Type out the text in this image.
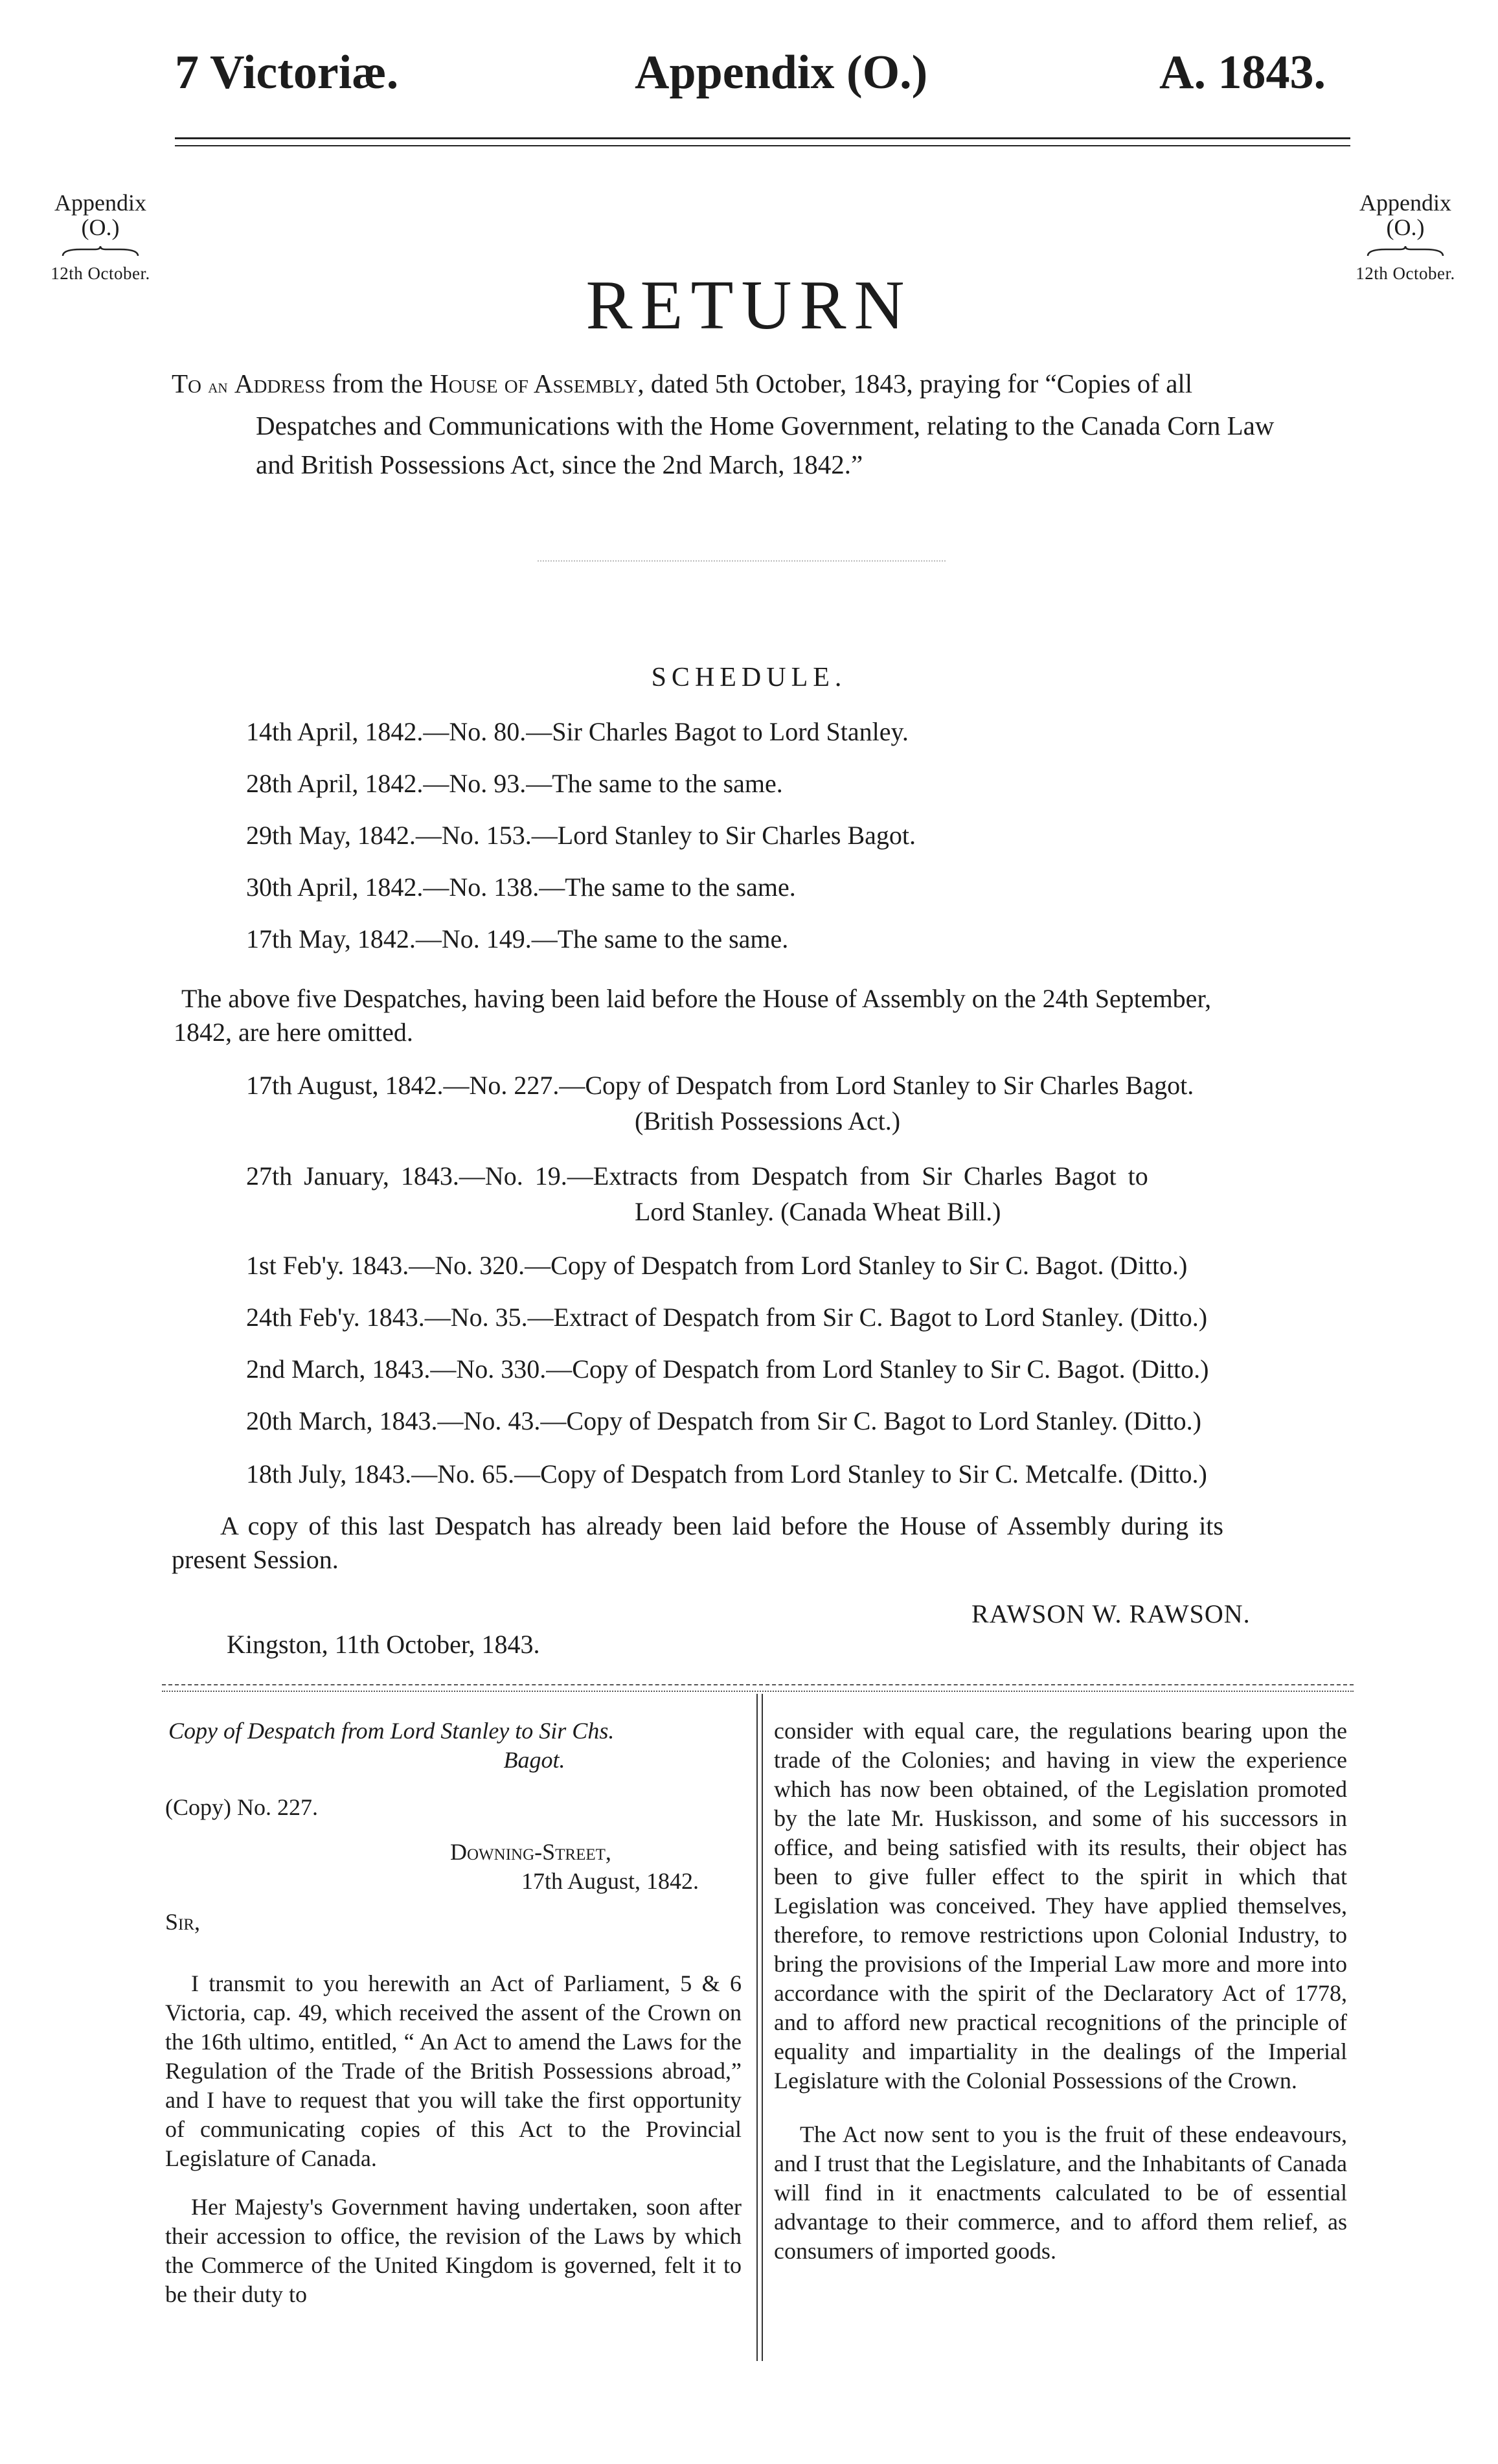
7 Victoriæ.	Appendix (O.)	A. 1843.
Appendix
(O.)
12th October.
Appendix
(O.)
12th October.
RETURN

To an Address from the House of Assembly, dated 5th October, 1843, praying for “Copies of all

Despatches and Communications with the Home Government, relating to the Canada Corn Law

and British Possessions Act, since the 2nd March, 1842.”

SCHEDULE.
14th April, 1842.—No. 80.—Sir Charles Bagot to Lord Stanley.
28th April, 1842.—No. 93.—The same to the same.
29th May, 1842.—No. 153.—Lord Stanley to Sir Charles Bagot.
30th April, 1842.—No. 138.—The same to the same.
17th May, 1842.—No. 149.—The same to the same.
The above five Despatches, having been laid before the House of Assembly on the 24th September,
1842, are here omitted.
17th August, 1842.—No. 227.—Copy of Despatch from Lord Stanley to Sir Charles Bagot.
(British Possessions Act.)
27th January, 1843.—No. 19.—Extracts from Despatch from Sir Charles Bagot to
Lord Stanley. (Canada Wheat Bill.)
1st Feb'y. 1843.—No. 320.—Copy of Despatch from Lord Stanley to Sir C. Bagot. (Ditto.)
24th Feb'y. 1843.—No. 35.—Extract of Despatch from Sir C. Bagot to Lord Stanley. (Ditto.)
2nd March, 1843.—No. 330.—Copy of Despatch from Lord Stanley to Sir C. Bagot. (Ditto.)
20th March, 1843.—No. 43.—Copy of Despatch from Sir C. Bagot to Lord Stanley. (Ditto.)
18th July, 1843.—No. 65.—Copy of Despatch from Lord Stanley to Sir C. Metcalfe. (Ditto.)
A copy of this last Despatch has already been laid before the House of Assembly during its
present Session.
RAWSON W. RAWSON.
Kingston, 11th October, 1843.
Copy of Despatch from Lord Stanley to Sir Chs.
Bagot.
(Copy) No. 227.
Downing-Street,
17th August, 1842.
Sir,

I transmit to you herewith an Act of Parliament, 5 & 6 Victoria, cap. 49, which received the assent of the Crown on the 16th ultimo, entitled, “ An Act to amend the Laws for the Regulation of the Trade of the British Possessions abroad,” and I have to request that you will take the first opportunity of communicating copies of this Act to the Provincial Legislature of Canada.

Her Majesty's Government having undertaken, soon after their accession to office, the revision of the Laws by which the Commerce of the United Kingdom is governed, felt it to be their duty to

consider with equal care, the regulations bearing upon the trade of the Colonies; and having in view the experience which has now been obtained, of the Legislation promoted by the late Mr. Huskisson, and some of his successors in office, and being satisfied with its results, their object has been to give fuller effect to the spirit in which that Legislation was conceived. They have applied themselves, therefore, to remove restrictions upon Colonial Industry, to bring the provisions of the Imperial Law more and more into accordance with the spirit of the Declaratory Act of 1778, and to afford new practical recognitions of the principle of equality and impartiality in the dealings of the Imperial Legislature with the Colonial Possessions of the Crown.

The Act now sent to you is the fruit of these endeavours, and I trust that the Legislature, and the Inhabitants of Canada will find in it enactments calculated to be of essential advantage to their commerce, and to afford them relief, as consumers of imported goods.
